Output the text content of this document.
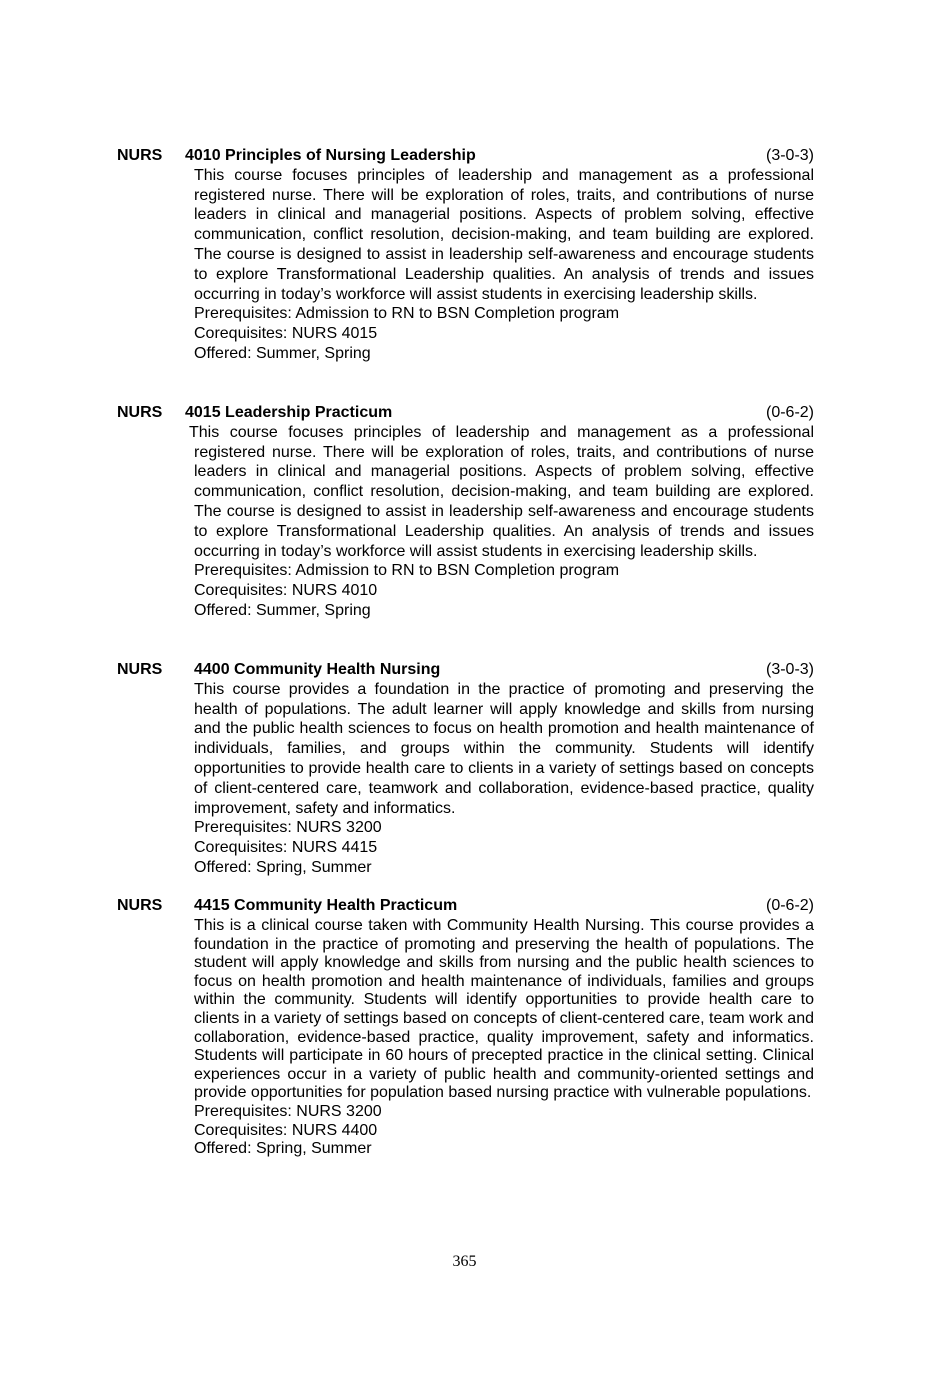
NURS 4010 Principles of Nursing Leadership	(3-0-3)
This course focuses principles of leadership and management as a professional registered nurse. There will be exploration of roles, traits, and contributions of nurse leaders in clinical and managerial positions. Aspects of problem solving, effective communication, conflict resolution, decision-making, and team building are explored. The course is designed to assist in leadership self-awareness and encourage students to explore Transformational Leadership qualities. An analysis of trends and issues occurring in today’s workforce will assist students in exercising leadership skills.
Prerequisites: Admission to RN to BSN Completion program
Corequisites: NURS 4015
Offered: Summer, Spring
NURS 4015 Leadership Practicum	(0-6-2)
This course focuses principles of leadership and management as a professional registered nurse. There will be exploration of roles, traits, and contributions of nurse leaders in clinical and managerial positions. Aspects of problem solving, effective communication, conflict resolution, decision-making, and team building are explored. The course is designed to assist in leadership self-awareness and encourage students to explore Transformational Leadership qualities. An analysis of trends and issues occurring in today’s workforce will assist students in exercising leadership skills.
Prerequisites: Admission to RN to BSN Completion program
Corequisites: NURS 4010
Offered: Summer, Spring
NURS 4400 Community Health Nursing	(3-0-3)
This course provides a foundation in the practice of promoting and preserving the health of populations. The adult learner will apply knowledge and skills from nursing and the public health sciences to focus on health promotion and health maintenance of individuals, families, and groups within the community. Students will identify opportunities to provide health care to clients in a variety of settings based on concepts of client-centered care, teamwork and collaboration, evidence-based practice, quality improvement, safety and informatics.
Prerequisites: NURS 3200
Corequisites: NURS 4415
Offered: Spring, Summer
NURS 4415 Community Health Practicum	(0-6-2)
This is a clinical course taken with Community Health Nursing. This course provides a foundation in the practice of promoting and preserving the health of populations. The student will apply knowledge and skills from nursing and the public health sciences to focus on health promotion and health maintenance of individuals, families and groups within the community. Students will identify opportunities to provide health care to clients in a variety of settings based on concepts of client-centered care, team work and collaboration, evidence-based practice, quality improvement, safety and informatics. Students will participate in 60 hours of precepted practice in the clinical setting. Clinical experiences occur in a variety of public health and community-oriented settings and provide opportunities for population based nursing practice with vulnerable populations.
Prerequisites: NURS 3200
Corequisites: NURS 4400
Offered: Spring, Summer
365
